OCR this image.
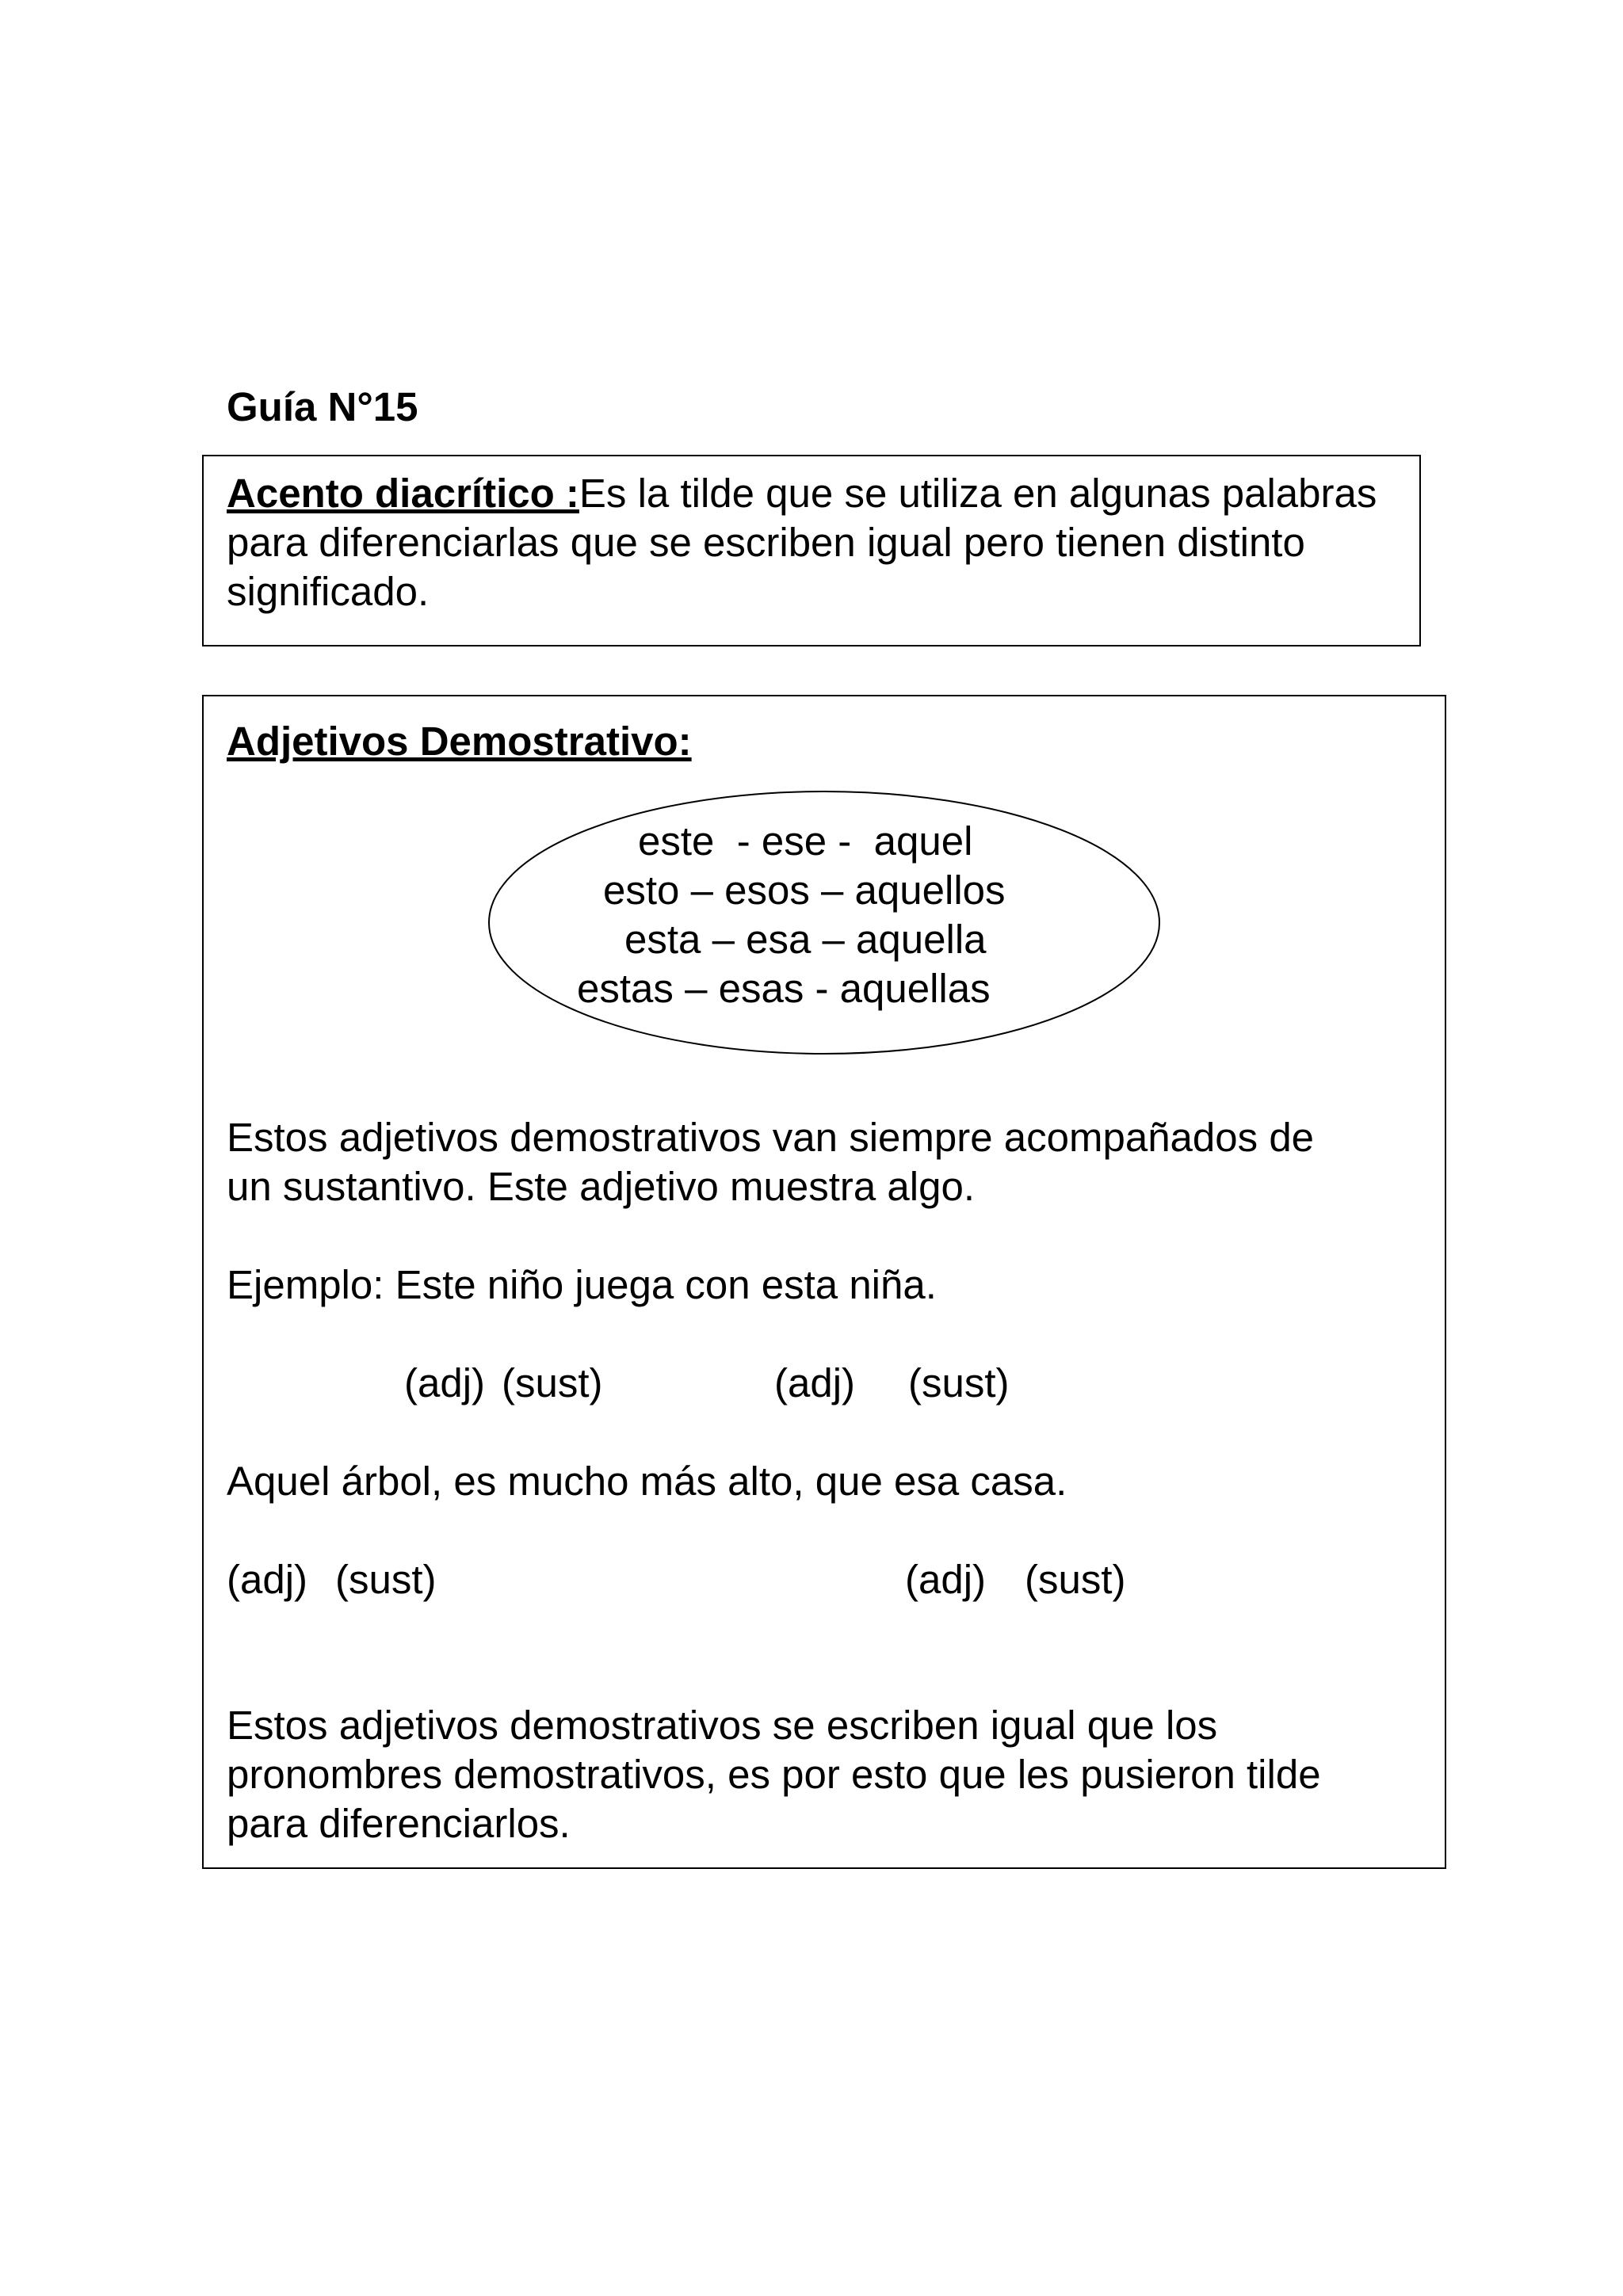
Guía N°15
Acento diacrítico :Es la tilde que se utiliza en algunas palabras para diferenciarlas que se escriben igual pero tienen distinto significado.
Adjetivos Demostrativo:
este  - ese -  aquel
esto – esos – aquellos
esta – esa – aquella
estas – esas - aquellas
Estos adjetivos demostrativos van siempre acompañados de
un sustantivo. Este adjetivo muestra algo.
Ejemplo: Este niño juega con esta niña.
(adj) (sust)	(adj) (sust)
Aquel árbol, es mucho más alto, que esa casa.
(adj) (sust)	(adj) (sust)
Estos adjetivos demostrativos se escriben igual que los
pronombres demostrativos, es por esto que les pusieron tilde
para diferenciarlos.
